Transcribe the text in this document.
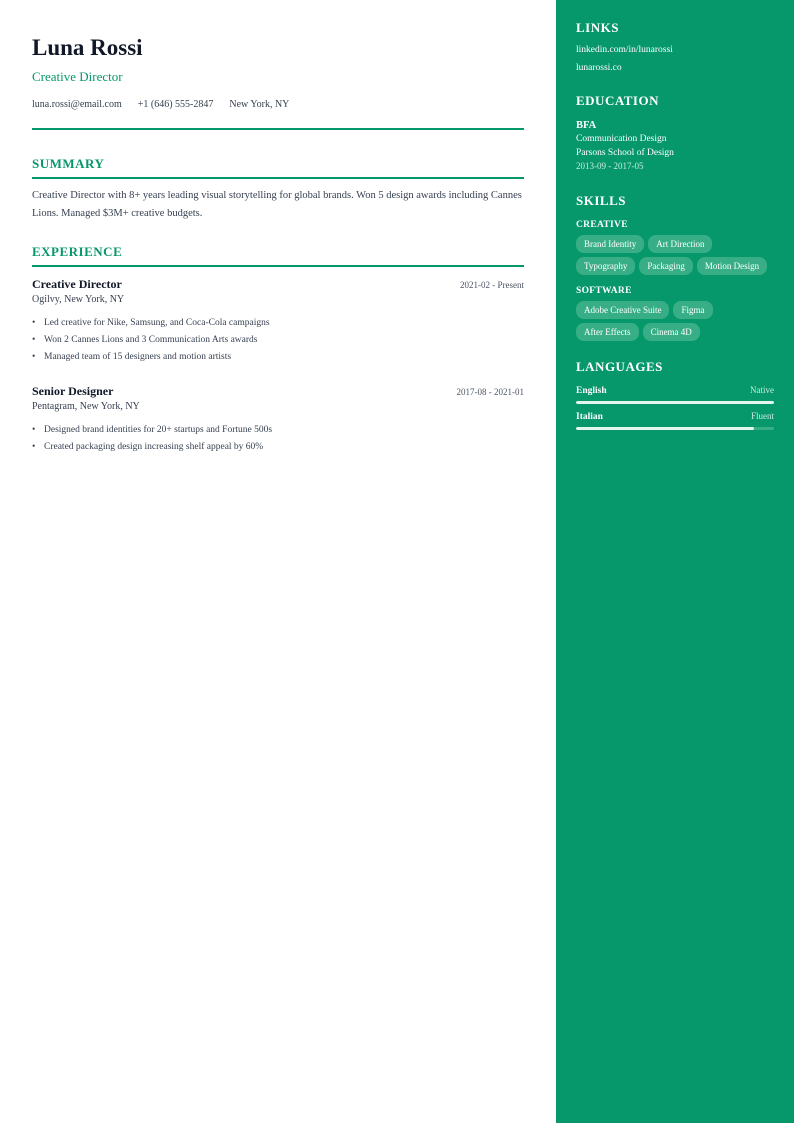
Luna Rossi
Creative Director
luna.rossi@email.com +1 (646) 555-2847 New York, NY
SUMMARY
Creative Director with 8+ years leading visual storytelling for global brands. Won 5 design awards including Cannes Lions. Managed $3M+ creative budgets.
EXPERIENCE
Creative Director	2021-02 - Present
Ogilvy, New York, NY
• Led creative for Nike, Samsung, and Coca-Cola campaigns
• Won 2 Cannes Lions and 3 Communication Arts awards
• Managed team of 15 designers and motion artists
Senior Designer	2017-08 - 2021-01
Pentagram, New York, NY
• Designed brand identities for 20+ startups and Fortune 500s
• Created packaging design increasing shelf appeal by 60%
LINKS
linkedin.com/in/lunarossi
lunarossi.co
EDUCATION
BFA
Communication Design
Parsons School of Design
2013-09 - 2017-05
SKILLS
CREATIVE
Brand Identity	Art Direction
Typography	Packaging	Motion Design
SOFTWARE
Adobe Creative Suite	Figma
After Effects	Cinema 4D
LANGUAGES
English	Native
Italian	Fluent
